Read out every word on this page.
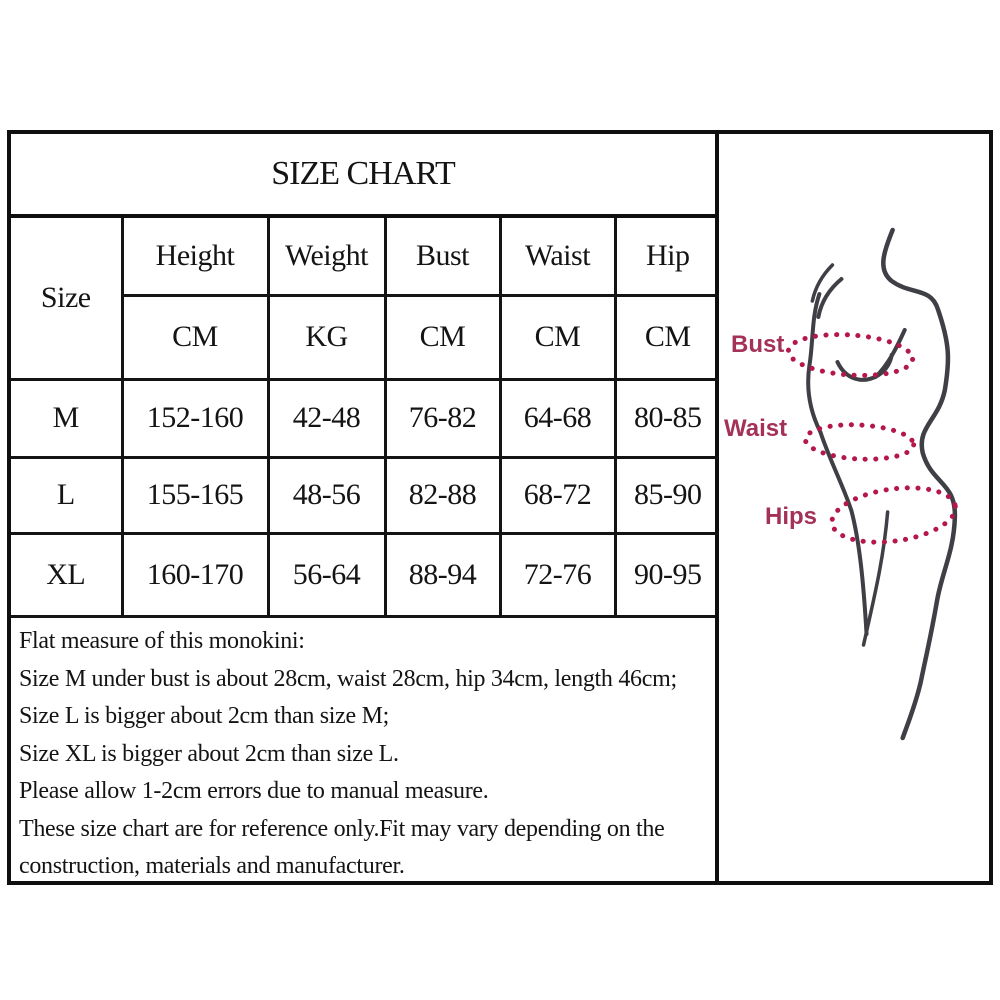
SIZE CHART
Size	Height	Weight	Bust	Waist	Hip
	CM	KG	CM	CM	CM
M	152-160	42-48	76-82	64-68	80-85
L	155-165	48-56	82-88	68-72	85-90
XL	160-170	56-64	88-94	72-76	90-95
Flat measure of this monokini:
Size M under bust is about 28cm, waist 28cm, hip 34cm, length 46cm;
Size L is bigger about 2cm than size M;
Size XL is bigger about 2cm than size L.
Please allow 1-2cm errors due to manual measure.
These size chart are for reference only.Fit may vary depending on the
construction, materials and manufacturer.
Bust
Waist
Hips
